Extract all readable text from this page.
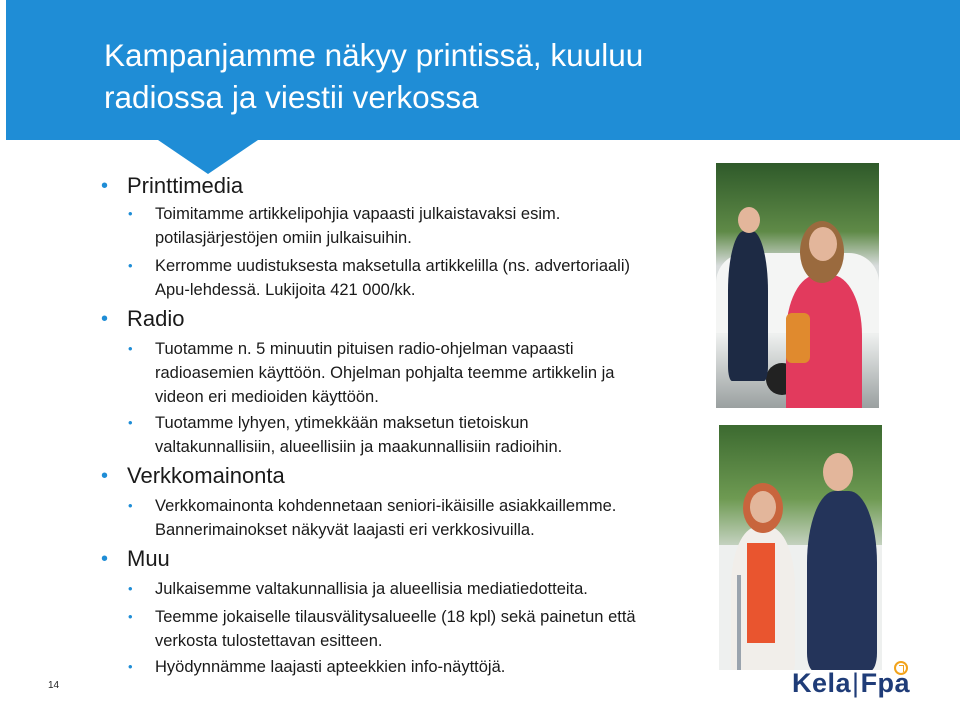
Kampanjamme näkyy printissä, kuuluu
radiossa ja viestii verkossa
• Printtimedia
• Toimitamme artikkelipohjia vapaasti julkaistavaksi esim.
potilasjärjestöjen omiin julkaisuihin.
• Kerromme uudistuksesta maksetulla artikkelilla (ns. advertoriaali)
Apu-lehdessä. Lukijoita 421 000/kk.
• Radio
• Tuotamme n. 5 minuutin pituisen radio-ohjelman vapaasti
radioasemien käyttöön. Ohjelman pohjalta teemme artikkelin ja
videon eri medioiden käyttöön.
• Tuotamme lyhyen, ytimekkään maksetun tietoiskun
valtakunnallisiin, alueellisiin ja maakunnallisiin radioihin.
• Verkkomainonta
• Verkkomainonta kohdennetaan seniori-ikäisille asiakkaillemme.
Bannerimainokset näkyvät laajasti eri verkkosivuilla.
• Muu
• Julkaisemme valtakunnallisia ja alueellisia mediatiedotteita.
• Teemme jokaiselle tilausvälitysalueelle (18 kpl) sekä painetun että
verkosta tulostettavan esitteen.
• Hyödynnämme laajasti apteekkien info-näyttöjä.
14	Kela|Fpa
